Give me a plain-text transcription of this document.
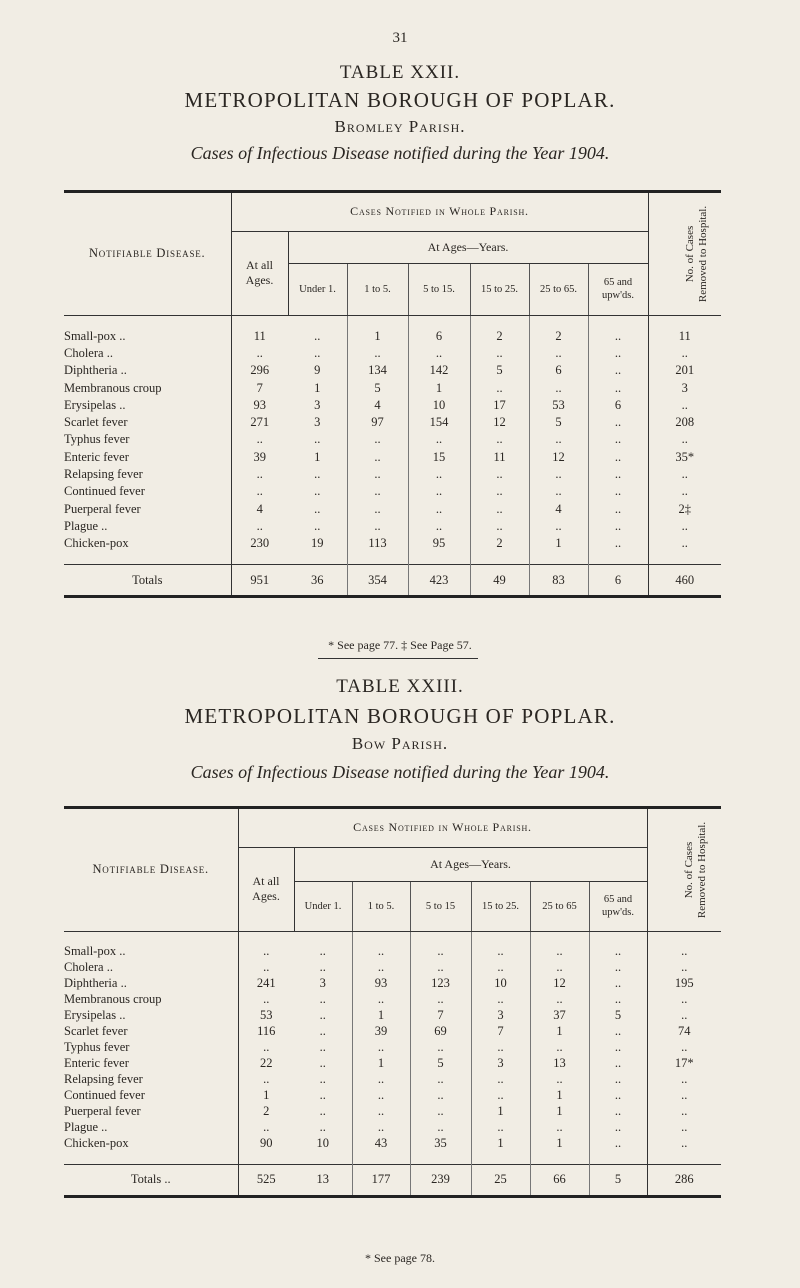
31
TABLE XXII.
METROPOLITAN BOROUGH OF POPLAR.
Bromley Parish.
Cases of Infectious Disease notified during the Year 1904.

Notifiable Disease.	Cases Notified in Whole Parish.							No. of Cases Removed to Hospital.

	At all Ages.	At Ages—Years.						
		Under 1.	1 to 5.	5 to 15.	15 to 25.	25 to 65.	65 and upw'ds.	

Small-pox ..	11	..	1	6	2	2	..	11
Cholera ..	..	..	..	..	..	..	..	..
Diphtheria ..	296	9	134	142	5	6	..	201
Membranous croup	7	1	5	1	..	..	..	3
Erysipelas ..	93	3	4	10	17	53	6	..
Scarlet fever	271	3	97	154	12	5	..	208
Typhus fever	..	..	..	..	..	..	..	..
Enteric fever	39	1	..	15	11	12	..	35*
Relapsing fever	..	..	..	..	..	..	..	..
Continued fever	..	..	..	..	..	..	..	..
Puerperal fever	4	..	..	..	..	4	..	2‡
Plague ..	..	..	..	..	..	..	..	..
Chicken-pox	230	19	113	95	2	1	..	..

Totals	951	36	354	423	49	83	6	460

* See page 77. ‡ See Page 57.
TABLE XXIII.
METROPOLITAN BOROUGH OF POPLAR.
Bow Parish.
Cases of Infectious Disease notified during the Year 1904.

Notifiable Disease.	Cases Notified in Whole Parish.							No. of Cases Removed to Hospital.

	At all Ages.	At Ages—Years.						
		Under 1.	1 to 5.	5 to 15	15 to 25.	25 to 65	65 and upw'ds.	

Small-pox ..	..	..	..	..	..	..	..	..
Cholera ..	..	..	..	..	..	..	..	..
Diphtheria ..	241	3	93	123	10	12	..	195
Membranous croup	..	..	..	..	..	..	..	..
Erysipelas ..	53	..	1	7	3	37	5	..
Scarlet fever	116	..	39	69	7	1	..	74
Typhus fever	..	..	..	..	..	..	..	..
Enteric fever	22	..	1	5	3	13	..	17*
Relapsing fever	..	..	..	..	..	..	..	..
Continued fever	1	..	..	..	..	1	..	..
Puerperal fever	2	..	..	..	1	1	..	..
Plague ..	..	..	..	..	..	..	..	..
Chicken-pox	90	10	43	35	1	1	..	..

Totals ..	525	13	177	239	25	66	5	286

* See page 78.
